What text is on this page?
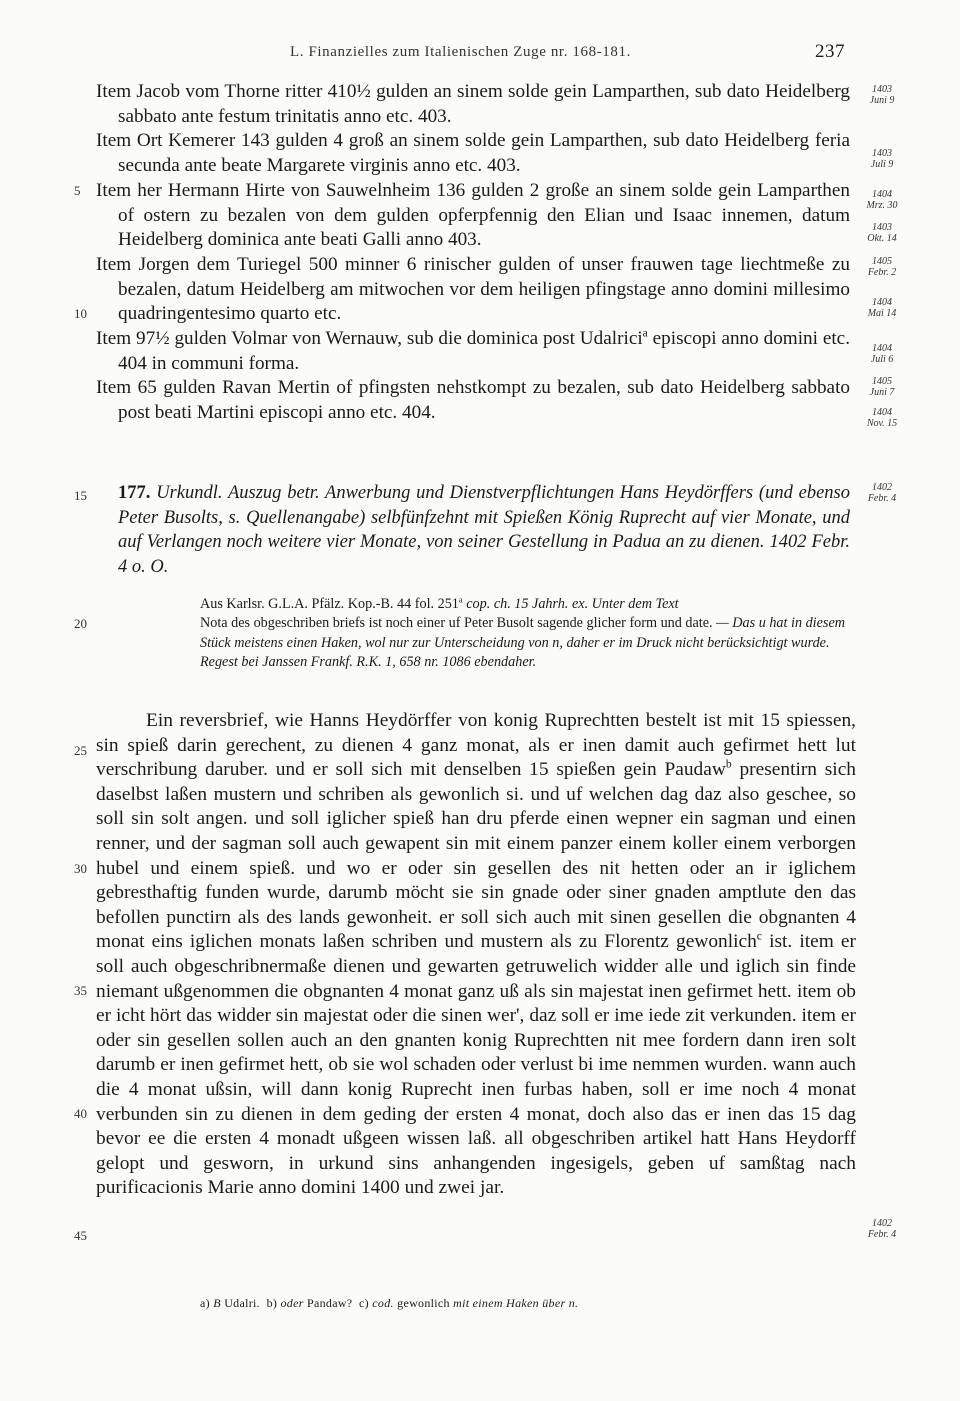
L. Finanzielles zum Italienischen Zuge nr. 168-181.	237
5
10
15
20
25
30
35
40
45
1403
Juni 9
1403
Juli 9
1404
Mrz. 30
1403
Okt. 14
1405
Febr. 2
1404
Mai 14
1404
Juli 6
1405
Juni 7
1404
Nov. 15
1402
Febr. 4
1402
Febr. 4
Item Jacob vom Thorne ritter 410½ gulden an sinem solde gein Lamparthen, sub dato Heidelberg sabbato ante festum trinitatis anno etc. 403.
Item Ort Kemerer 143 gulden 4 groß an sinem solde gein Lamparthen, sub dato Heidelberg feria secunda ante beate Margarete virginis anno etc. 403.
Item her Hermann Hirte von Sauwelnheim 136 gulden 2 große an sinem solde gein Lamparthen of ostern zu bezalen von dem gulden opferpfennig den Elian und Isaac innemen, datum Heidelberg dominica ante beati Galli anno 403.
Item Jorgen dem Turiegel 500 minner 6 rinischer gulden of unser frauwen tage liechtmeße zu bezalen, datum Heidelberg am mitwochen vor dem heiligen pfingstage anno domini millesimo quadringentesimo quarto etc.
Item 97½ gulden Volmar von Wernauw, sub die dominica post Udalrici$^a$ episcopi anno domini etc. 404 in communi forma.
Item 65 gulden Ravan Mertin of pfingsten nehstkompt zu bezalen, sub dato Heidelberg sabbato post beati Martini episcopi anno etc. 404.
177. Urkundl. Auszug betr. Anwerbung und Dienstverpflichtungen Hans Heydörffers (und ebenso Peter Busolts, s. Quellenangabe) selbfünfzehnt mit Spießen König Ruprecht auf vier Monate, und auf Verlangen noch weitere vier Monate, von seiner Gestellung in Padua an zu dienen. 1402 Febr. 4 o. O.
Aus Karlsr. G.L.A. Pfälz. Kop.-B. 44 fol. 251$^a$ cop. ch. 15 Jahrh. ex. Unter dem Text
Nota des obgeschriben briefs ist noch einer uf Peter Busolt sagende glicher form und date. — Das u hat in diesem Stück meistens einen Haken, wol nur zur Unterscheidung von n, daher er im Druck nicht berücksichtigt wurde.
Regest bei Janssen Frankf. R.K. 1, 658 nr. 1086 ebendaher.

Ein reversbrief, wie Hanns Heydörffer von konig Ruprechtten bestelt ist mit 15 spiessen, sin spieß darin gerechent, zu dienen 4 ganz monat, als er inen damit auch gefirmet hett lut verschribung daruber. und er soll sich mit denselben 15 spießen gein Paudaw$^b$ presentirn sich daselbst laßen mustern und schriben als gewonlich si. und uf welchen dag daz also geschee, so soll sin solt angen. und soll iglicher spieß han dru pferde einen wepner ein sagman und einen renner, und der sagman soll auch gewapent sin mit einem panzer einem koller einem verborgen hubel und einem spieß. und wo er oder sin gesellen des nit hetten oder an ir iglichem gebresthaftig funden wurde, darumb möcht sie sin gnade oder siner gnaden amptlute den das befollen punctirn als des lands gewonheit. er soll sich auch mit sinen gesellen die obgnanten 4 monat eins iglichen monats laßen schriben und mustern als zu Florentz gewonlich$^c$ ist. item er soll auch obgeschribnermaße dienen und gewarten getruwelich widder alle und iglich sin finde niemant ußgenommen die obgnanten 4 monat ganz uß als sin majestat inen gefirmet hett. item ob er icht hört das widder sin majestat oder die sinen wer', daz soll er ime iede zit verkunden. item er oder sin gesellen sollen auch an den gnanten konig Ruprechtten nit mee fordern dann iren solt darumb er inen gefirmet hett, ob sie wol schaden oder verlust bi ime nemmen wurden. wann auch die 4 monat ußsin, will dann konig Ruprecht inen furbas haben, soll er ime noch 4 monat verbunden sin zu dienen in dem geding der ersten 4 monat, doch also das er inen das 15 dag bevor ee die ersten 4 monadt ußgeen wissen laß. all obgeschriben artikel hatt Hans Heydorff gelopt und gesworn, in urkund sins anhangenden ingesigels, geben uf samßtag nach purificacionis Marie anno domini 1400 und zwei jar.

a) B Udalri. b) oder Pandaw? c) cod. gewonlich mit einem Haken über n.
